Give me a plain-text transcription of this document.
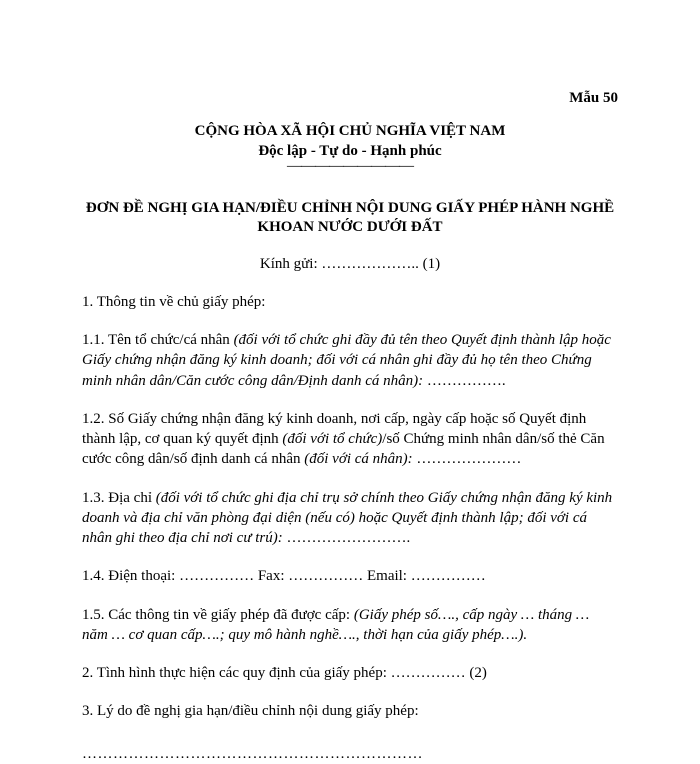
Mẫu 50
CỘNG HÒA XÃ HỘI CHỦ NGHĨA VIỆT NAM
Độc lập - Tự do - Hạnh phúc
—————————
ĐƠN ĐỀ NGHỊ GIA HẠN/ĐIỀU CHỈNH NỘI DUNG GIẤY PHÉP HÀNH NGHỀ
KHOAN NƯỚC DƯỚI ĐẤT
Kính gửi: ……………….. (1)

1. Thông tin về chủ giấy phép:

1.1. Tên tổ chức/cá nhân (đối với tổ chức ghi đầy đủ tên theo Quyết định thành lập hoặc Giấy chứng nhận đăng ký kinh doanh; đối với cá nhân ghi đầy đủ họ tên theo Chứng minh nhân dân/Căn cước công dân/Định danh cá nhân): …………….

1.2. Số Giấy chứng nhận đăng ký kinh doanh, nơi cấp, ngày cấp hoặc số Quyết định thành lập, cơ quan ký quyết định (đối với tổ chức)/số Chứng minh nhân dân/số thẻ Căn cước công dân/số định danh cá nhân (đối với cá nhân): …………………

1.3. Địa chỉ (đối với tổ chức ghi địa chỉ trụ sở chính theo Giấy chứng nhận đăng ký kinh doanh và địa chỉ văn phòng đại diện (nếu có) hoặc Quyết định thành lập; đối với cá nhân ghi theo địa chỉ nơi cư trú): …………………….

1.4. Điện thoại: …………… Fax: …………… Email: ……………

1.5. Các thông tin về giấy phép đã được cấp: (Giấy phép số…., cấp ngày … tháng … năm … cơ quan cấp….; quy mô hành nghề…., thời hạn của giấy phép….).

2. Tình hình thực hiện các quy định của giấy phép: …………… (2)

3. Lý do đề nghị gia hạn/điều chỉnh nội dung giấy phép:

…………………………………………………………
